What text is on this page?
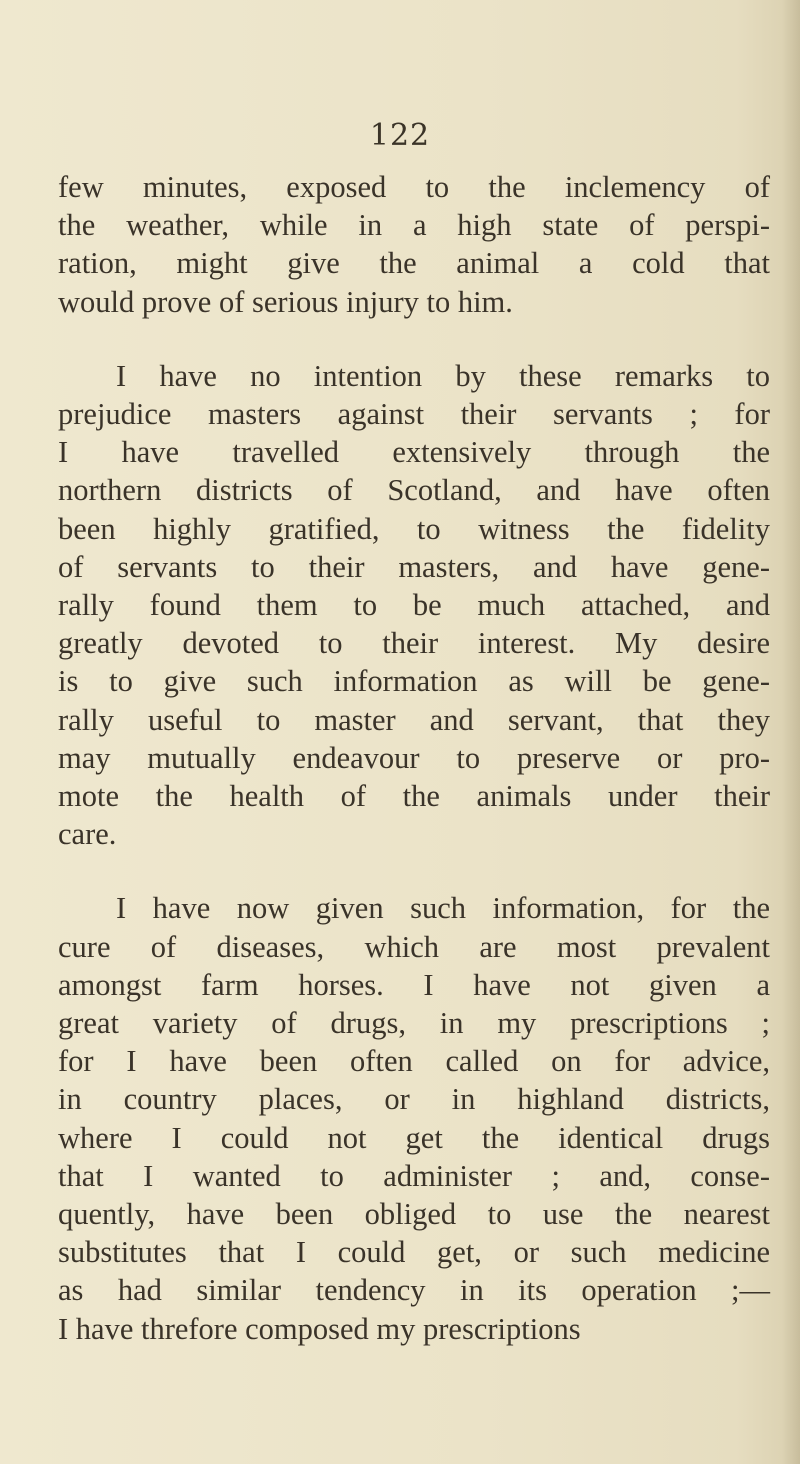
122
few minutes, exposed to the inclemency of
the weather, while in a high state of perspi-
ration, might give the animal a cold that
would prove of serious injury to him.
I have no intention by these remarks to
prejudice masters against their servants ; for
I have travelled extensively through the
northern districts of Scotland, and have often
been highly gratified, to witness the fidelity
of servants to their masters, and have gene-
rally found them to be much attached, and
greatly devoted to their interest. My desire
is to give such information as will be gene-
rally useful to master and servant, that they
may mutually endeavour to preserve or pro-
mote the health of the animals under their
care.
I have now given such information, for the
cure of diseases, which are most prevalent
amongst farm horses. I have not given a
great variety of drugs, in my prescriptions ;
for I have been often called on for advice,
in country places, or in highland districts,
where I could not get the identical drugs
that I wanted to administer ; and, conse-
quently, have been obliged to use the nearest
substitutes that I could get, or such medicine
as had similar tendency in its operation ;—
I have threfore composed my prescriptions
